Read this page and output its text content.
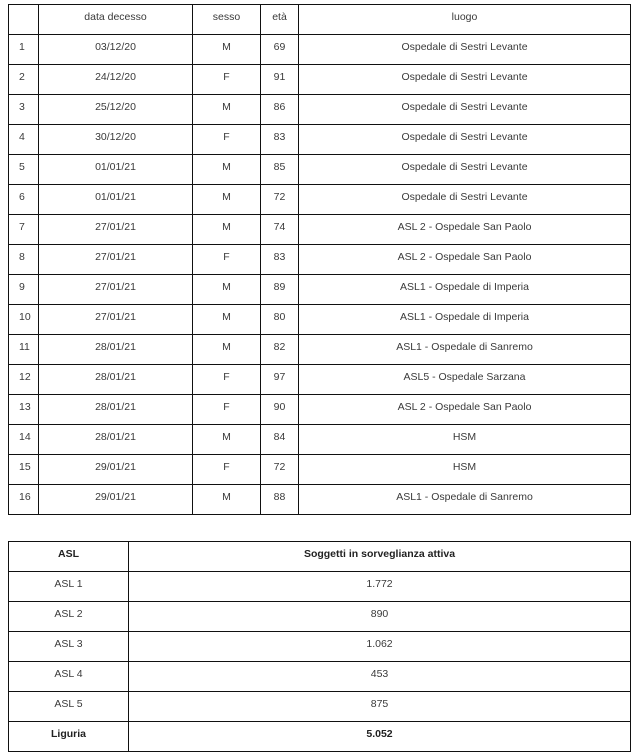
	data decesso	sesso	età	luogo
1	03/12/20	M	69	Ospedale di Sestri Levante
2	24/12/20	F	91	Ospedale di Sestri Levante
3	25/12/20	M	86	Ospedale di Sestri Levante
4	30/12/20	F	83	Ospedale di Sestri Levante
5	01/01/21	M	85	Ospedale di Sestri Levante
6	01/01/21	M	72	Ospedale di Sestri Levante
7	27/01/21	M	74	ASL 2 - Ospedale San Paolo
8	27/01/21	F	83	ASL 2 - Ospedale San Paolo
9	27/01/21	M	89	ASL1 - Ospedale di Imperia
10	27/01/21	M	80	ASL1 - Ospedale di Imperia
11	28/01/21	M	82	ASL1 - Ospedale di Sanremo
12	28/01/21	F	97	ASL5 - Ospedale Sarzana
13	28/01/21	F	90	ASL 2 - Ospedale San Paolo
14	28/01/21	M	84	HSM
15	29/01/21	F	72	HSM
16	29/01/21	M	88	ASL1 - Ospedale di Sanremo
ASL	Soggetti in sorveglianza attiva
ASL 1	1.772
ASL 2	890
ASL 3	1.062
ASL 4	453
ASL 5	875
Liguria	5.052
